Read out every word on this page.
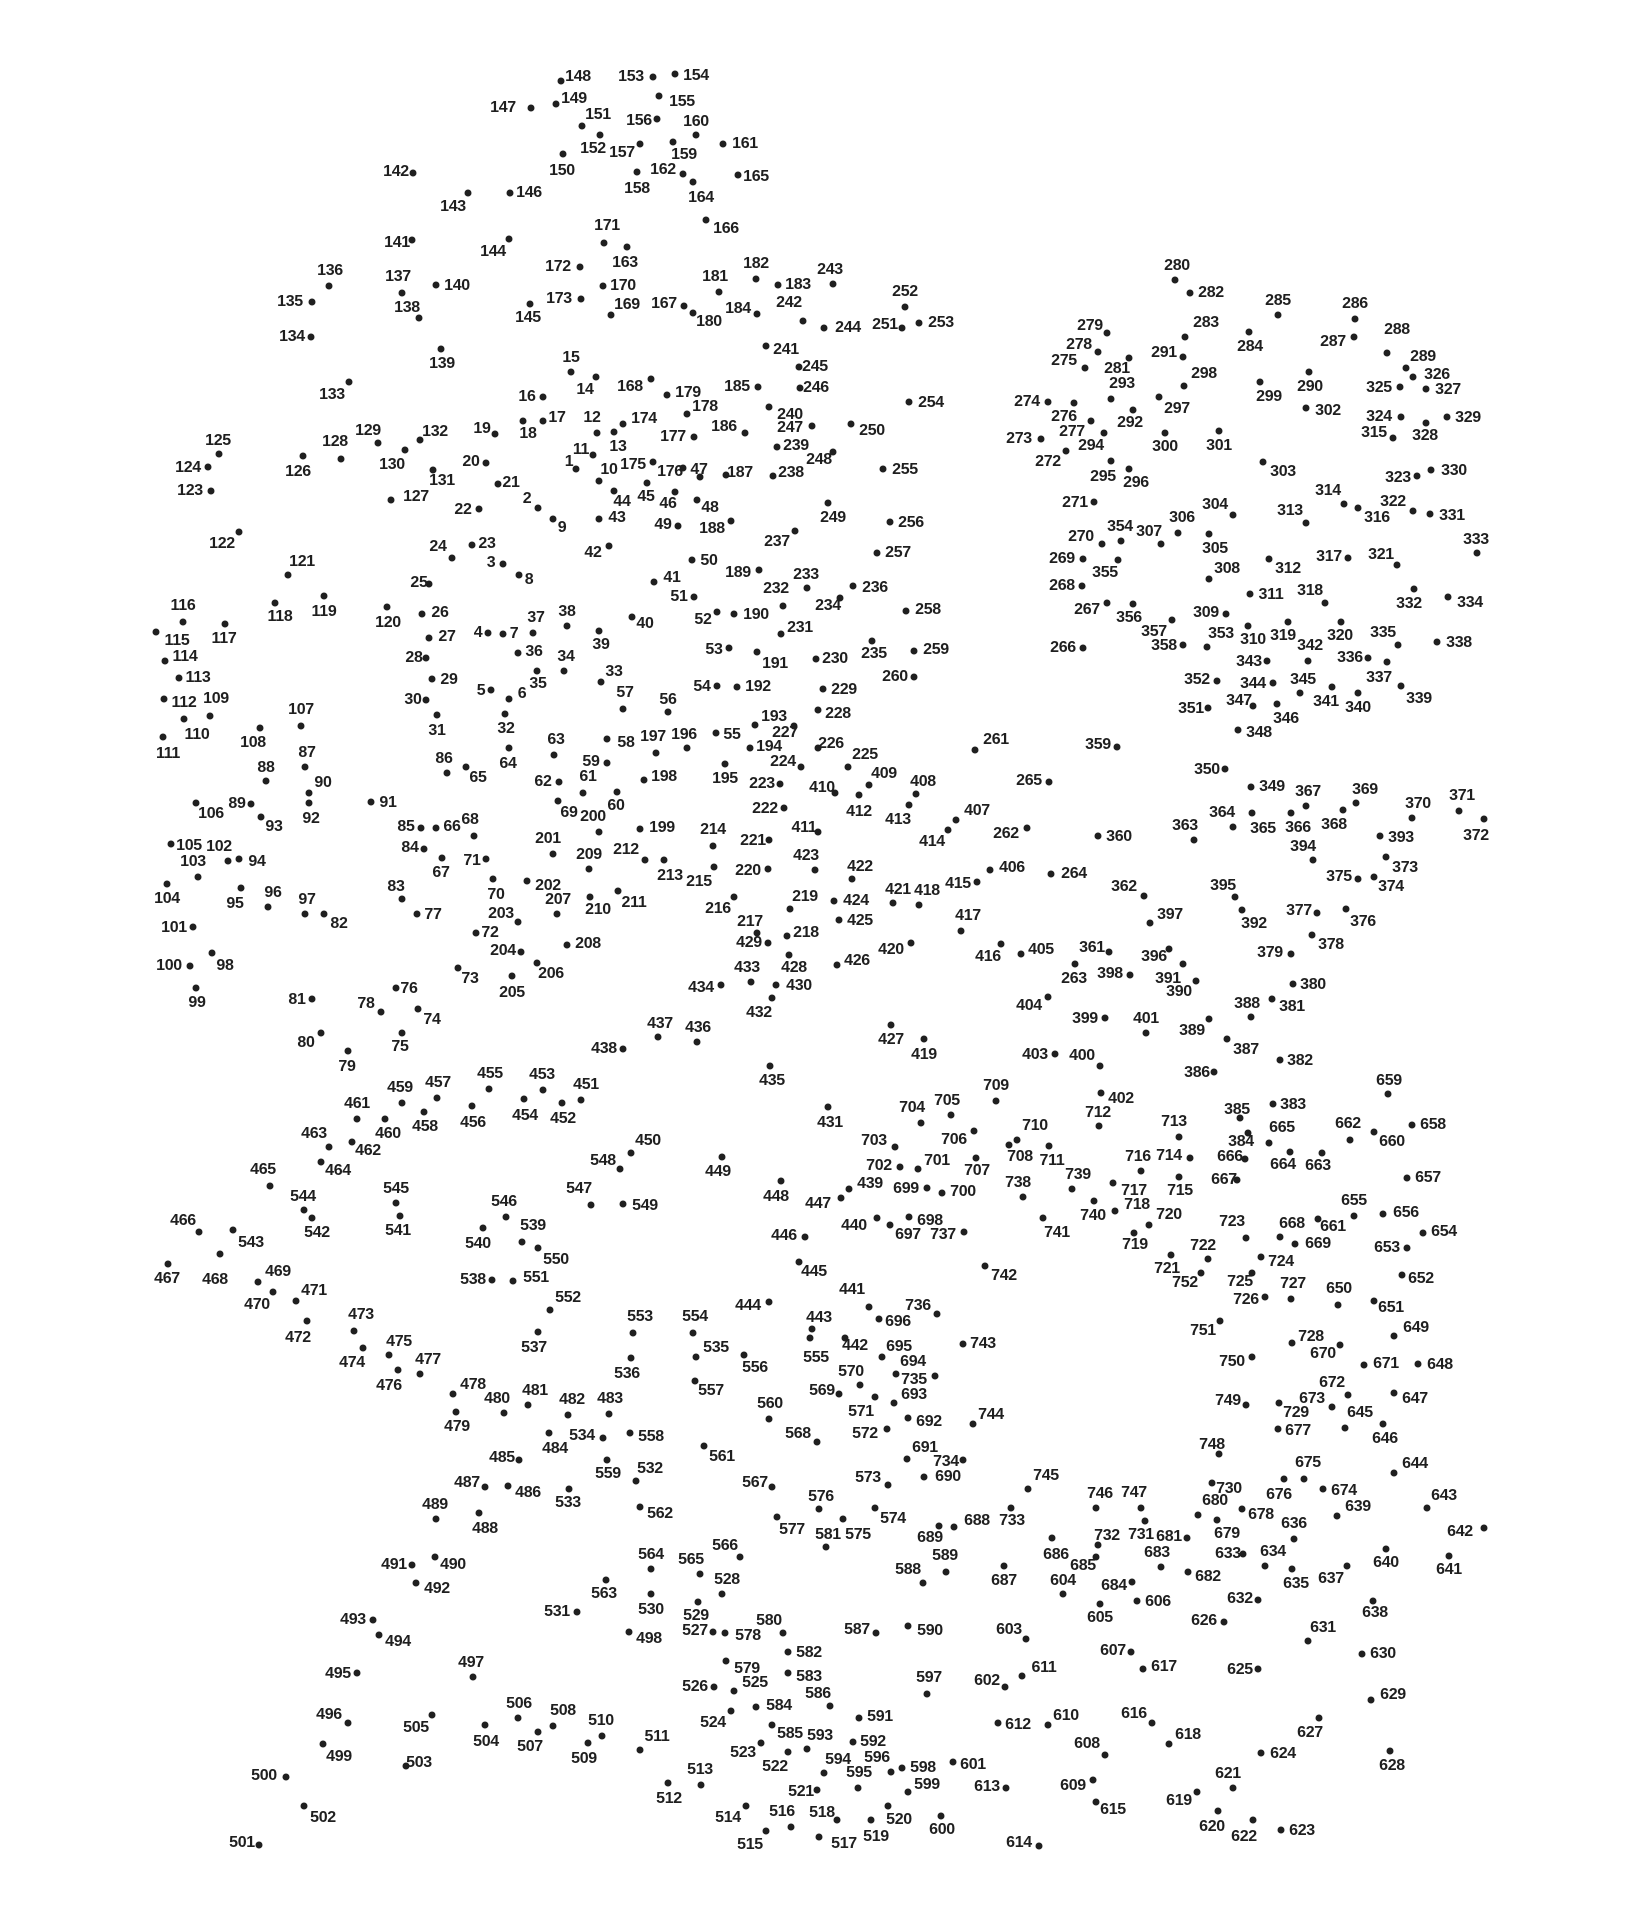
1
2
3
4
5 6
7
8
9
10
11
12
13
14
15
16
17
18
19
20
21
22
23
24
25
26
27
28
29
30
31	32
33
34
35
36
37 38
39
40
41
42
43
44 45 46
47
48
49
50
51
52
53
54
55
56
57
58
59
60
61
62
63
64
65
66
67
68	69
70
71
72
73
74
75
76
77
78
79
80
81
82
83
84
85
86
87
88
89
90
91
92
93
94
95
96 97
98
99
100
101
102
103
104
105
106
107
108
109
110
111
112
113
114
115
116
117
118 119
120
121
122
123
124
125
126
127
128
129
130
131
132
133
134
135
136	137
138
139
140
141
142
143
144
145
146
147
148
149
150
151
152
153 154
155
156
157
158
159
160
161
162
163
164
165
166
167
168
169
170
171
172
173
174
175 176
177
178
179
180
181
182
183
184
185
186
187
188
189
190
191
192
193
194
195
196
197
198
199
200
201
202
203
204
205
206
207
208
209
210 211
212
213
214
215
216
217
218
219
220
221
222
223
224	225
226
227
228
229
230
231
232
233
234
235
236
237
238
239
240
241
242
243
244
245
246
247
248
249
250
251
252
253
254
255
256
257
258
259
260
261
262
263
264
265
266
267
268
269
270
271
272
273
274
275
276
277
278
279
280
281
282
283
284
285	286
287
288
289
290
291
292
293
294
295 296
297
298
299
300 301
302
303
304
305
306
307
308
309
310
311
312
313
314
315
316
317
318
319 320
321
322
323
324
325
326
327
328
329
330
331
332
333
334
335
336
337
338
339
340
341
342
343
344 345
346
347
348
349
350
351
352
353
354
355
356
357
358
359
360
361
362
363
364
365 366
367
368
369
370 371
372
373
374
375
376
377
378
379
380
381
382
383
384
385
386
387
388
389
390
391
392
393
394
395
396
397
398
399
400
401
402
403
404
405
406
407
408
409
410
411
412 413
414
415
416
417
418
419
420
421
422
423
424
425
426
427
428
429
430
431
432
433
434
435
436
437
438
439
440
441
442
443
444
445
446
447
448
449
450
451
452
453
454
455
456
457
458
459
460
461
462
463
464
465
466
467 468 469
470
471
472
473
474
475
476
477
478
479
480 481
482 483
484
485
486
487
488
489
490
491
492
493
494
495
496
497
498
499
500
501
502
503
504
505
506
507
508
509
510
511
512
513
514
515
516
517
518
519
520
521
522
523
524
525
526
527
528
529
530
531
532
533
534
535
536
537
538
539
540
541
542
543
544	545
546
547
548
549
550
551
552
553 554
555
556
557
558
559
560
561
562
563
564 565
566
567
568
569
570
571
572
573
574
575
576
577
578
579
580
581
582
583
584
585
586
587
588
589
590
591
592
593
594
595
596
597
598
599
600
601
602
603
604
605
606
607
608
609
610
611
612
613
614
615
616
617
618
619
620
621
622 623
624
625
626
627
628
629
630
631
632
633 634
635
636
637
638
639
640 641
642
643
644
645
646
647
648
649
650
651
652
653
654
655
656
657
658
659
660
661
662
663
664
665
666
667
668
669
670
671
672
673
674
675
676
677
678
679
680
681
682
683
684
685
686
687
688
689
690
691
692
693
694
695
696
697
698
699 700
701
702
703
704 705
706
707
708
709
710
711
712
713
714
715
716
717
718
719
720
721
722
723
724
725
726
727
728
729
730
731
732
733
734
735
736
737
738 739
740
741
742
743
744
745
746 747
748
749
750
751
752
